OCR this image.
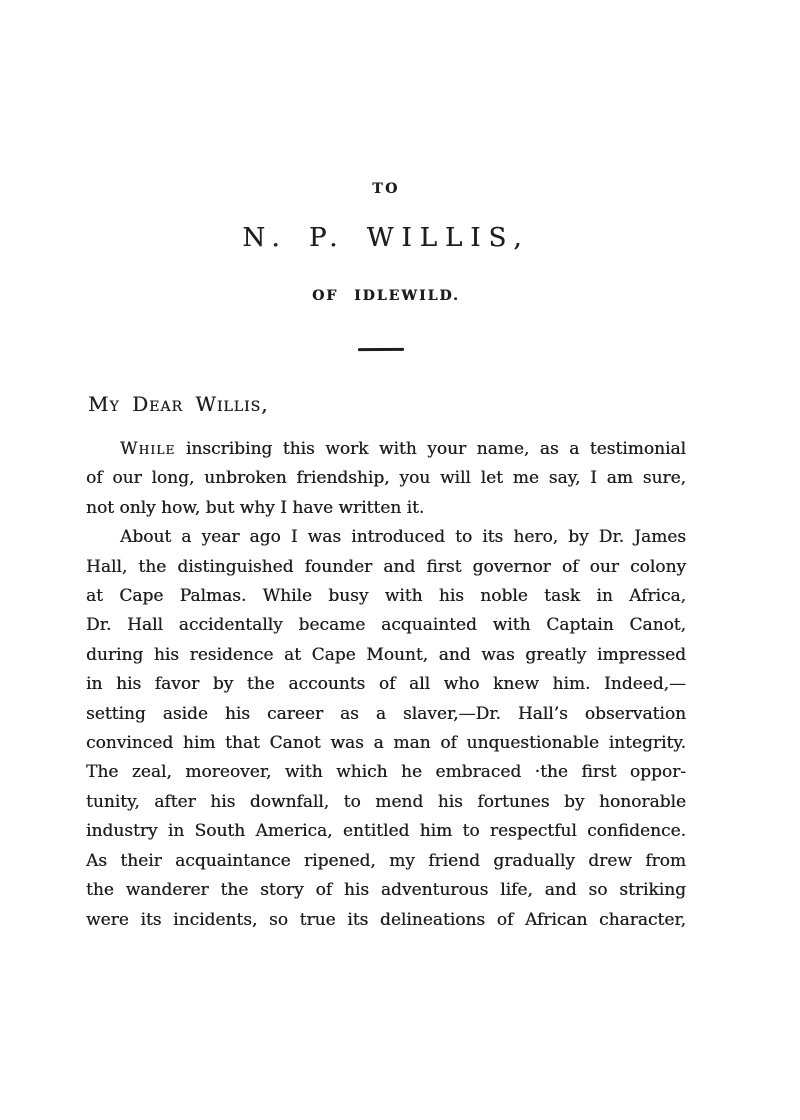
TO
N. P. WILLIS,
OF IDLEWILD.
My Dear Willis,
While inscribing this work with your name, as a testimonial
of our long, unbroken friendship, you will let me say, I am sure,
not only how, but why I have written it.
About a year ago I was introduced to its hero, by Dr. James
Hall, the distinguished founder and first governor of our colony
at Cape Palmas. While busy with his noble task in Africa,
Dr. Hall accidentally became acquainted with Captain Canot,
during his residence at Cape Mount, and was greatly impressed
in his favor by the accounts of all who knew him. Indeed,—
setting aside his career as a slaver,—Dr. Hall’s observation
convinced him that Canot was a man of unquestionable integrity.
The zeal, moreover, with which he embraced ·the first oppor-
tunity, after his downfall, to mend his fortunes by honorable
industry in South America, entitled him to respectful confidence.
As their acquaintance ripened, my friend gradually drew from
the wanderer the story of his adventurous life, and so striking
were its incidents, so true its delineations of African character,
